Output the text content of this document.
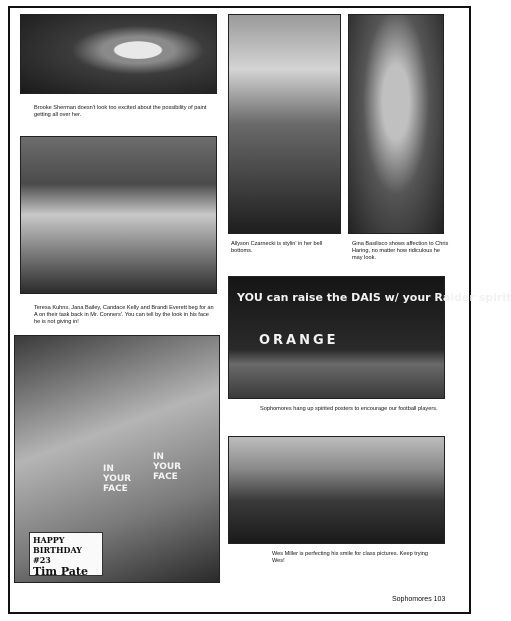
Brooke Sherman doesn't look too excited about the possibility of paint getting all over her.
Teresa Kuhns, Jana Bailey, Candace Kelly and Brandi Everett beg for an A on their task back in Mr. Conners'. You can tell by the look in his face he is not giving in!
IN YOUR FACE
IN YOUR FACE
HAPPY
BIRTHDAY #23
Tim Pate
Allyson Czarnecki is stylin' in her bell bottoms.
Gina Basilisco shows affection to Chris Haring, no matter how ridiculous he may look.
YOU can raise the DAIS w/ your Raider spirit
ORANGE
Sophomores hang up spirited posters to encourage our football players.
Wes Miller is perfecting his smile for class pictures. Keep trying Wes!
Sophomores 103
